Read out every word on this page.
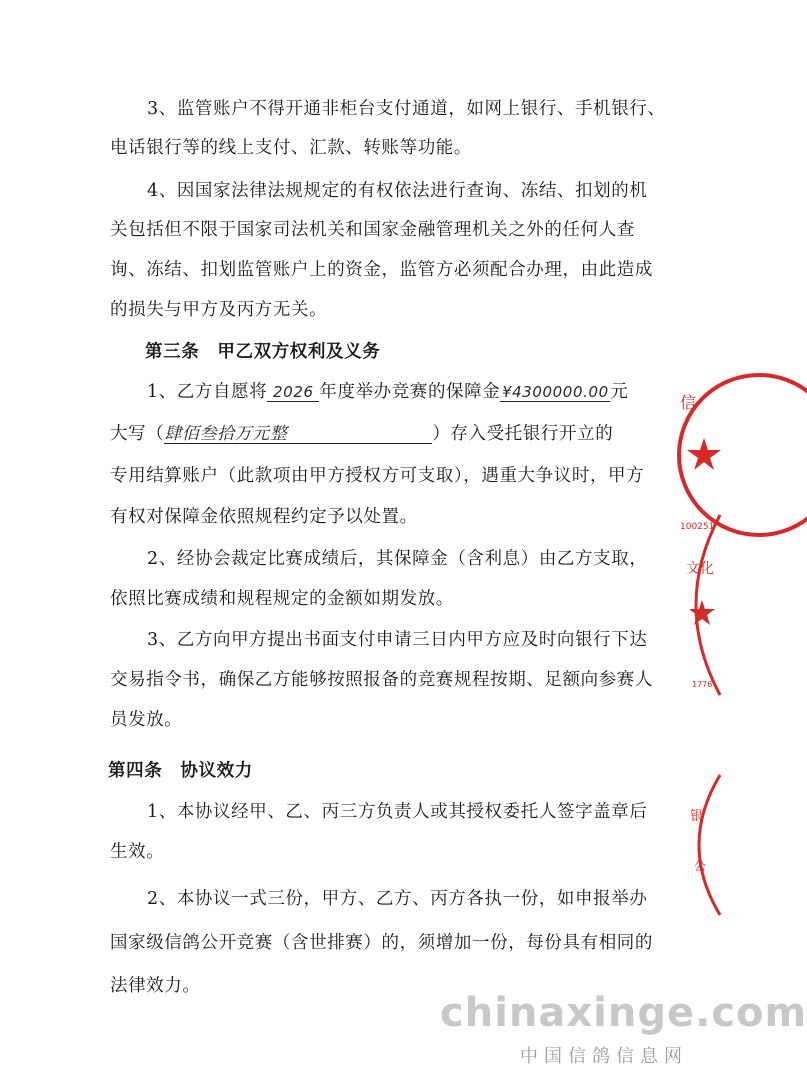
3、监管账户不得开通非柜台支付通道，如网上银行、手机银行、
电话银行等的线上支付、汇款、转账等功能。
4、因国家法律法规规定的有权依法进行查询、冻结、扣划的机
关包括但不限于国家司法机关和国家金融管理机关之外的任何人查
询、冻结、扣划监管账户上的资金，监管方必须配合办理，由此造成
的损失与甲方及丙方无关。
第三条　甲乙双方权利及义务
1、乙方自愿将 2026 年度举办竞赛的保障金 ¥4300000.00元
大写（肆佰叁拾万元整	）存入受托银行开立的
专用结算账户（此款项由甲方授权方可支取），遇重大争议时，甲方
有权对保障金依照规程约定予以处置。
2、经协会裁定比赛成绩后，其保障金（含利息）由乙方支取，
依照比赛成绩和规程规定的金额如期发放。
3、乙方向甲方提出书面支付申请三日内甲方应及时向银行下达
交易指令书，确保乙方能够按照报备的竞赛规程按期、足额向参赛人
员发放。
第四条　协议效力
1、本协议经甲、乙、丙三方负责人或其授权委托人签字盖章后
生效。
2、本协议一式三份，甲方、乙方、丙方各执一份，如申报举办
国家级信鸽公开竞赛（含世排赛）的，须增加一份，每份具有相同的
法律效力。
信
100251
文化
1776
银
公
chinaxinge.com
中国信鸽信息网
